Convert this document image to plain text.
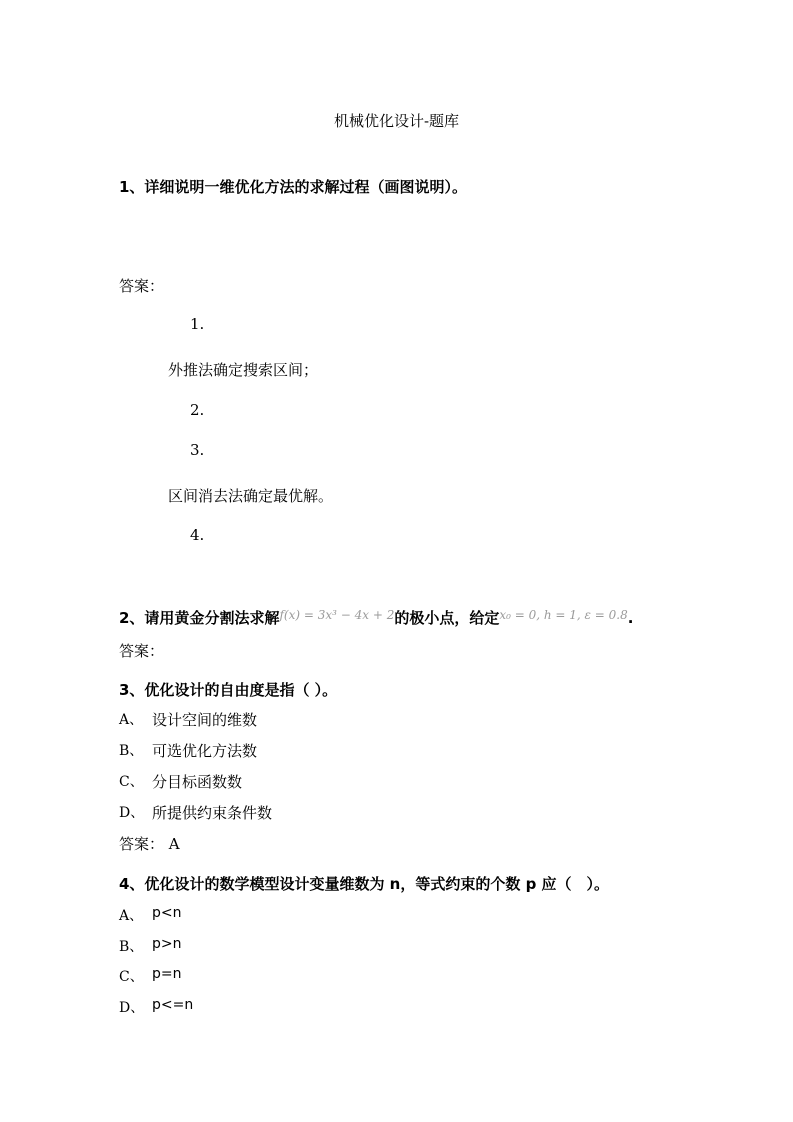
机械优化设计-题库
1、详细说明一维优化方法的求解过程（画图说明）。
答案：
1.
外推法确定搜索区间；
2.
3.
区间消去法确定最优解。
4.
2、请用黄金分割法求解$^{f(x) = 3x^3 - 4x + 2}$的极小点，给定$^{x_0 = 0, h = 1, \varepsilon = 0.8}$.
答案：
3、优化设计的自由度是指（ ）。
A、 设计空间的维数
B、 可选优化方法数
C、 分目标函数数
D、 所提供约束条件数
答案： A
4、优化设计的数学模型设计变量维数为 n，等式约束的个数 p 应（　）。
A、 p<n
B、 p>n
C、 p=n
D、 p<=n
